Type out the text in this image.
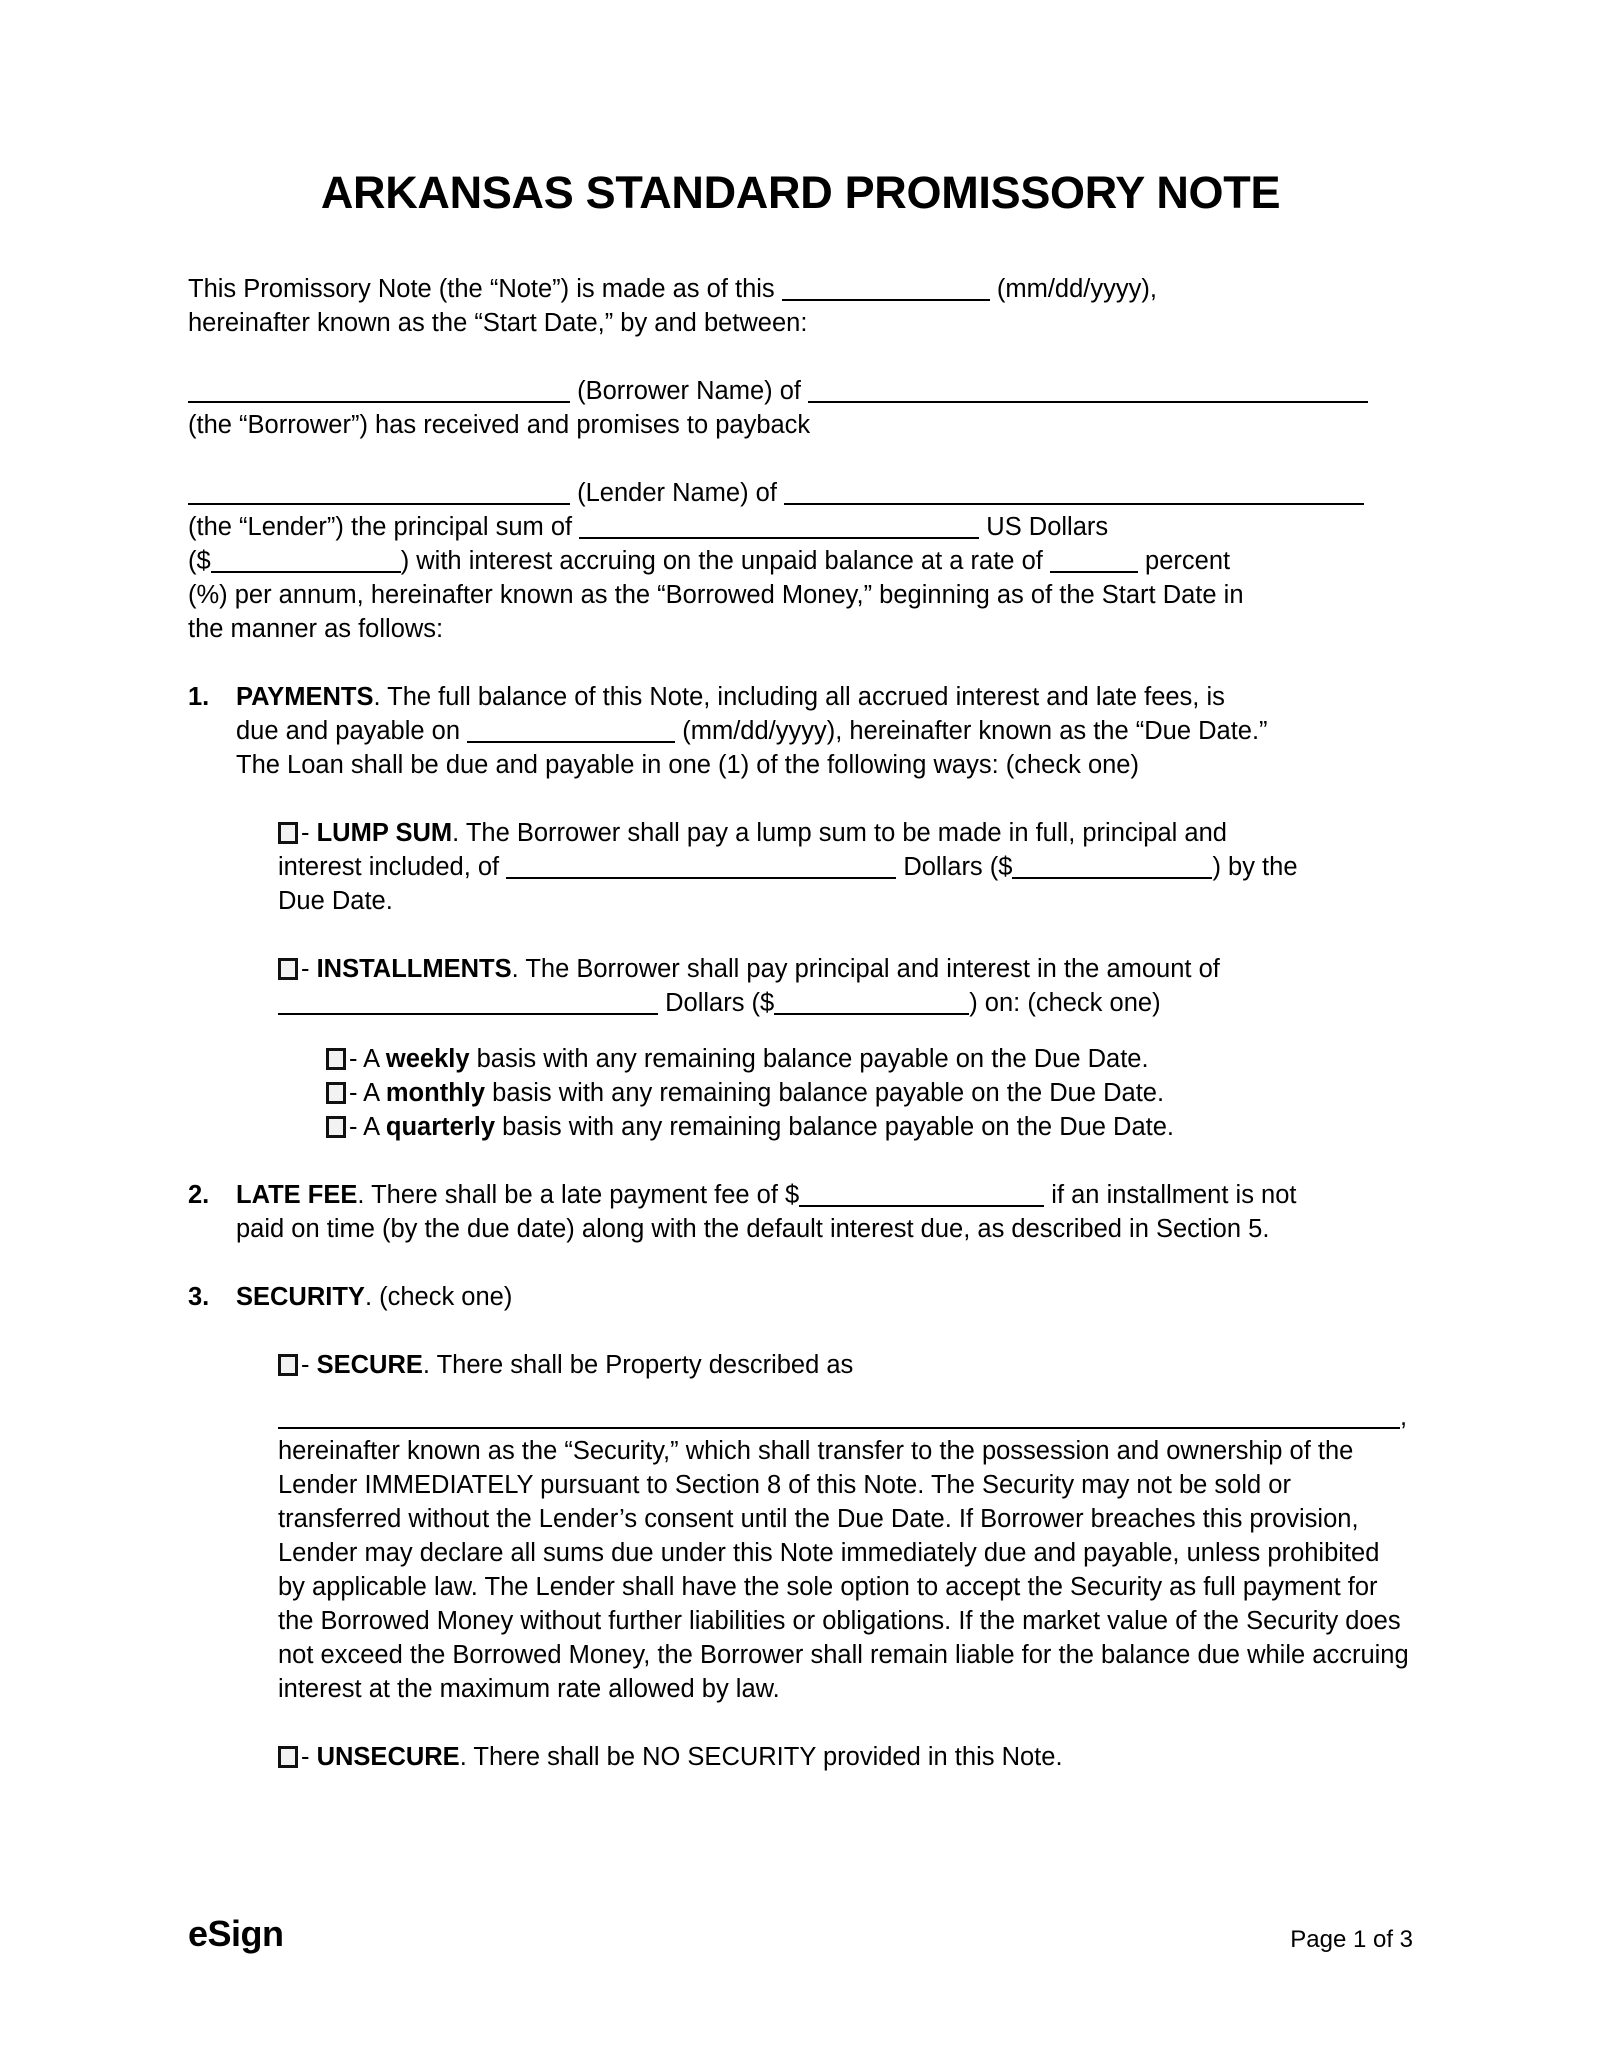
ARKANSAS STANDARD PROMISSORY NOTE
This Promissory Note (the “Note”) is made as of this	(mm/dd/yyyy),
hereinafter known as the “Start Date,” by and between:
(Borrower Name) of
(the “Borrower”) has received and promises to payback
(Lender Name) of
(the “Lender”) the principal sum of	US Dollars
($	) with interest accruing on the unpaid balance at a rate of	percent
(%) per annum, hereinafter known as the “Borrowed Money,” beginning as of the Start Date in
the manner as follows:
1.	PAYMENTS. The full balance of this Note, including all accrued interest and late fees, is
due and payable on	(mm/dd/yyyy), hereinafter known as the “Due Date.”
The Loan shall be due and payable in one (1) of the following ways: (check one)
- LUMP SUM. The Borrower shall pay a lump sum to be made in full, principal and
interest included, of	Dollars ($	) by the
Due Date.
- INSTALLMENTS. The Borrower shall pay principal and interest in the amount of
Dollars ($	) on: (check one)
- A weekly basis with any remaining balance payable on the Due Date.
- A monthly basis with any remaining balance payable on the Due Date.
- A quarterly basis with any remaining balance payable on the Due Date.
2.	LATE FEE. There shall be a late payment fee of $	if an installment is not
paid on time (by the due date) along with the default interest due, as described in Section 5.
3.	SECURITY. (check one)
- SECURE. There shall be Property described as
,
hereinafter known as the “Security,” which shall transfer to the possession and ownership of the Lender IMMEDIATELY pursuant to Section 8 of this Note. The Security may not be sold or transferred without the Lender’s consent until the Due Date. If Borrower breaches this provision, Lender may declare all sums due under this Note immediately due and payable, unless prohibited by applicable law. The Lender shall have the sole option to accept the Security as full payment for the Borrowed Money without further liabilities or obligations. If the market value of the Security does not exceed the Borrowed Money, the Borrower shall remain liable for the balance due while accruing interest at the maximum rate allowed by law.
- UNSECURE. There shall be NO SECURITY provided in this Note.
eSign	Page 1 of 3
